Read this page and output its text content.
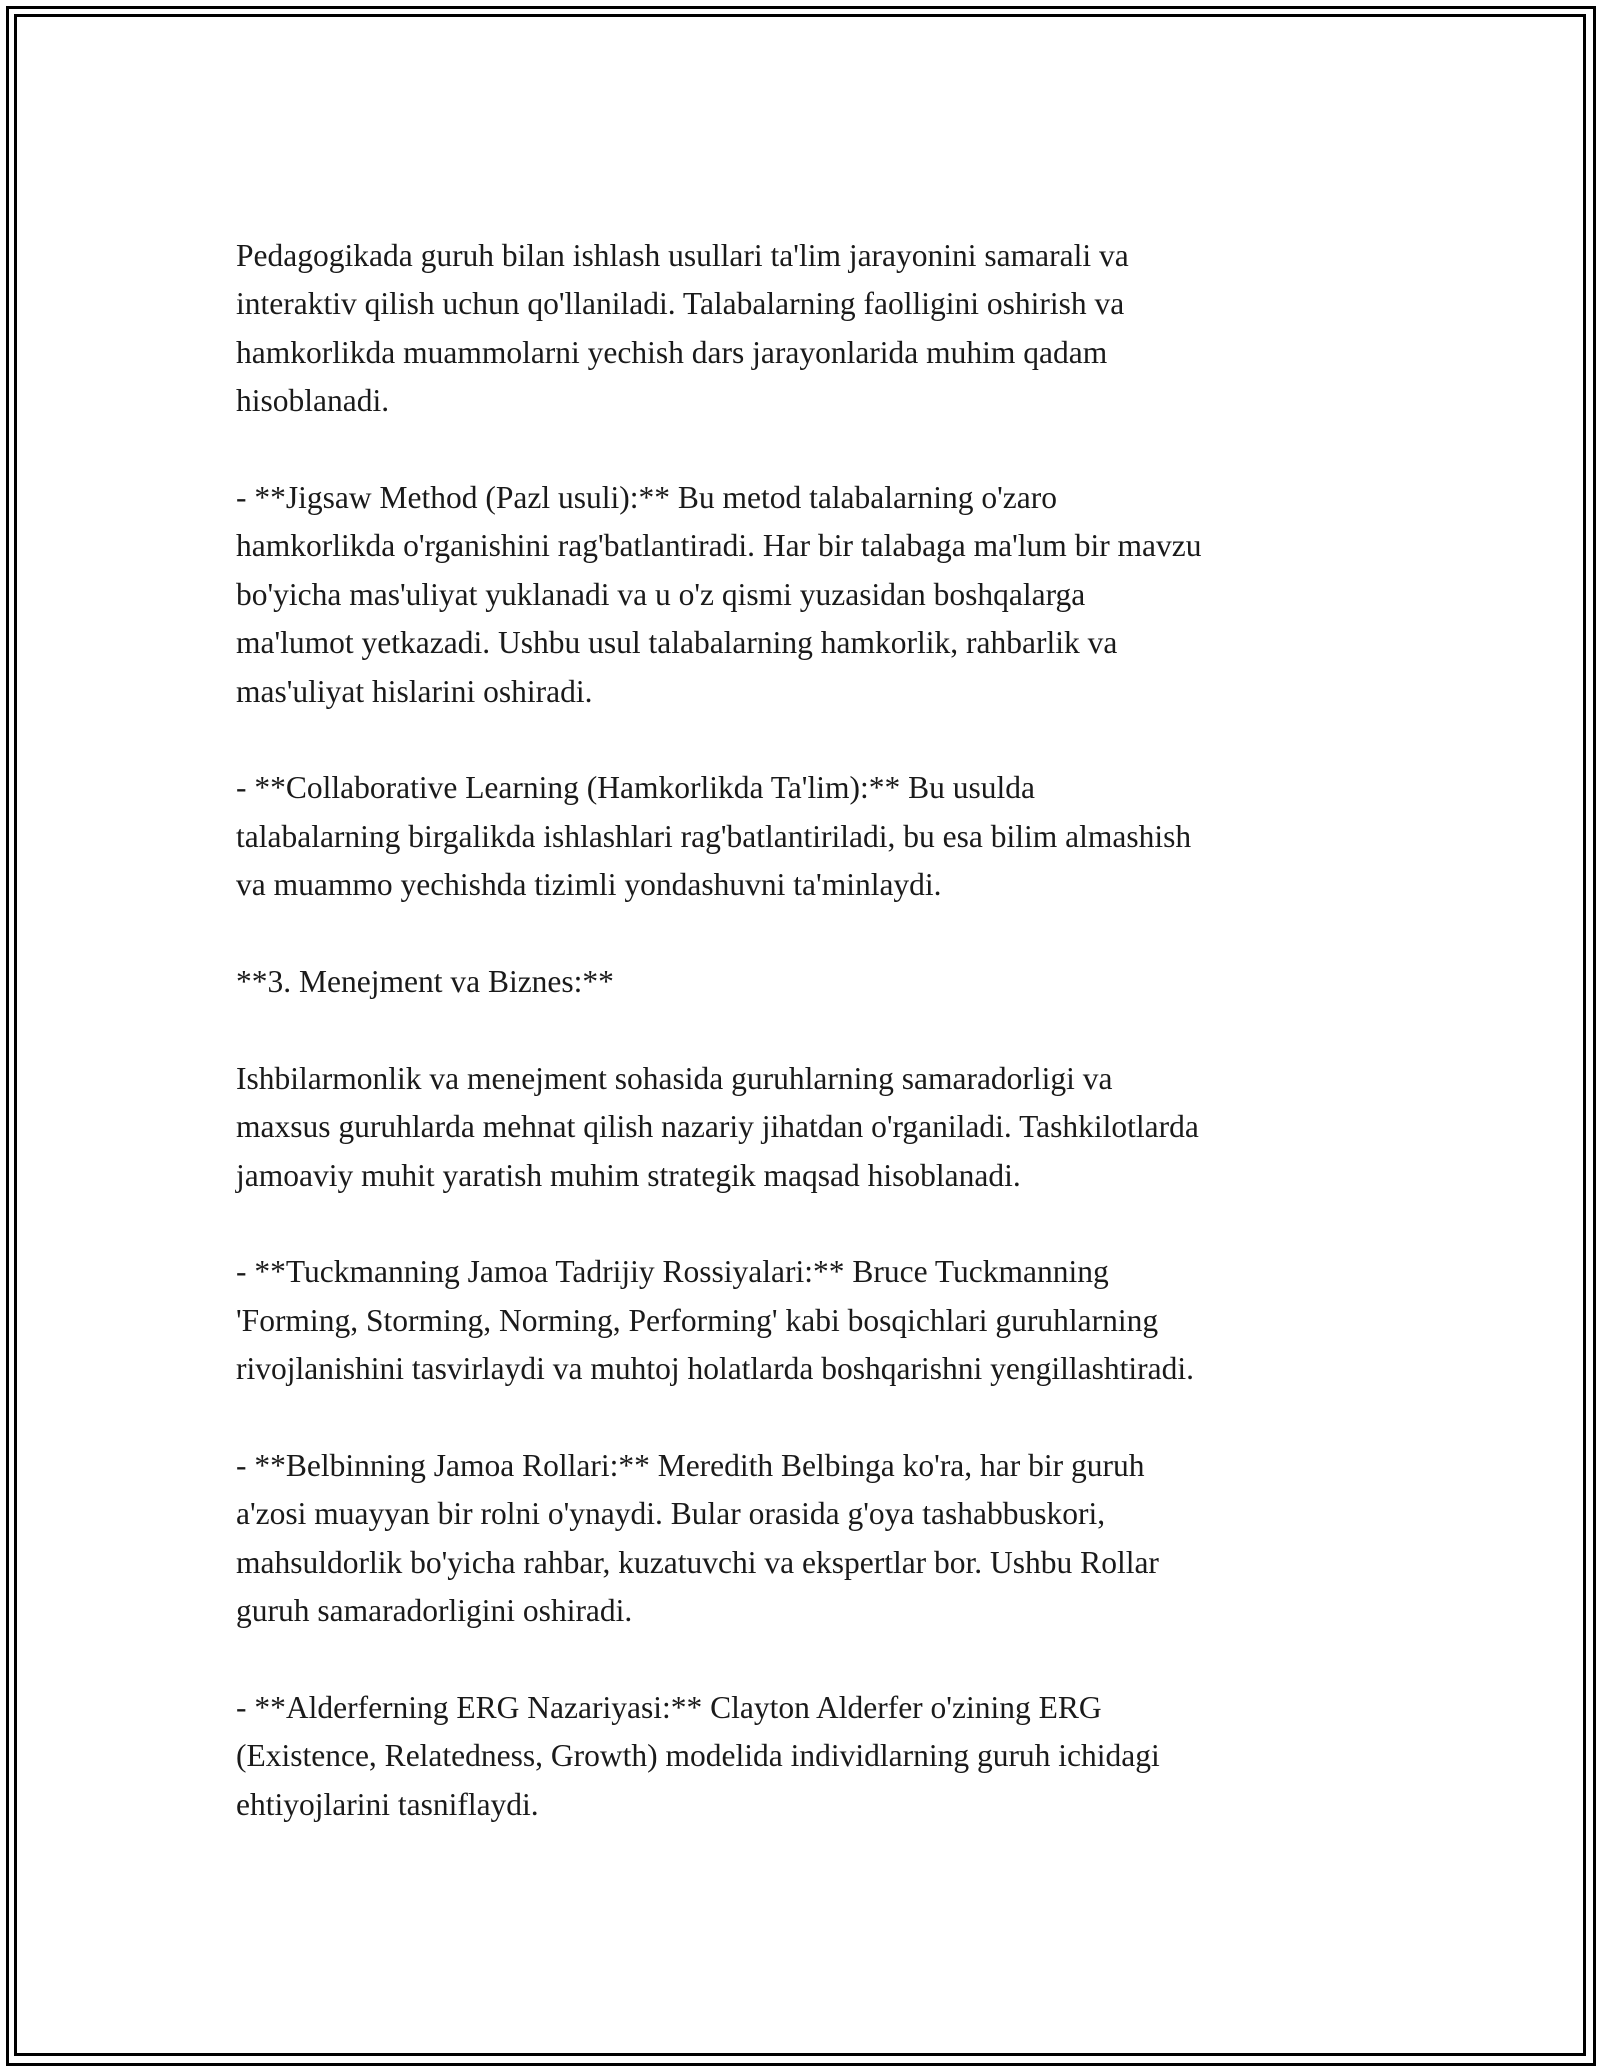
Pedagogikada guruh bilan ishlash usullari ta'lim jarayonini samarali va
interaktiv qilish uchun qo'llaniladi. Talabalarning faolligini oshirish va
hamkorlikda muammolarni yechish dars jarayonlarida muhim qadam
hisoblanadi.

- **Jigsaw Method (Pazl usuli):** Bu metod talabalarning o'zaro
hamkorlikda o'rganishini rag'batlantiradi. Har bir talabaga ma'lum bir mavzu
bo'yicha mas'uliyat yuklanadi va u o'z qismi yuzasidan boshqalarga
ma'lumot yetkazadi. Ushbu usul talabalarning hamkorlik, rahbarlik va
mas'uliyat hislarini oshiradi.

- **Collaborative Learning (Hamkorlikda Ta'lim):** Bu usulda
talabalarning birgalikda ishlashlari rag'batlantiriladi, bu esa bilim almashish
va muammo yechishda tizimli yondashuvni ta'minlaydi.

**3. Menejment va Biznes:**

Ishbilarmonlik va menejment sohasida guruhlarning samaradorligi va
maxsus guruhlarda mehnat qilish nazariy jihatdan o'rganiladi. Tashkilotlarda
jamoaviy muhit yaratish muhim strategik maqsad hisoblanadi.

- **Tuckmanning Jamoa Tadrijiy Rossiyalari:** Bruce Tuckmanning
'Forming, Storming, Norming, Performing' kabi bosqichlari guruhlarning
rivojlanishini tasvirlaydi va muhtoj holatlarda boshqarishni yengillashtiradi.

- **Belbinning Jamoa Rollari:** Meredith Belbinga ko'ra, har bir guruh
a'zosi muayyan bir rolni o'ynaydi. Bular orasida g'oya tashabbuskori,
mahsuldorlik bo'yicha rahbar, kuzatuvchi va ekspertlar bor. Ushbu Rollar
guruh samaradorligini oshiradi.

- **Alderferning ERG Nazariyasi:** Clayton Alderfer o'zining ERG
(Existence, Relatedness, Growth) modelida individlarning guruh ichidagi
ehtiyojlarini tasniflaydi.
